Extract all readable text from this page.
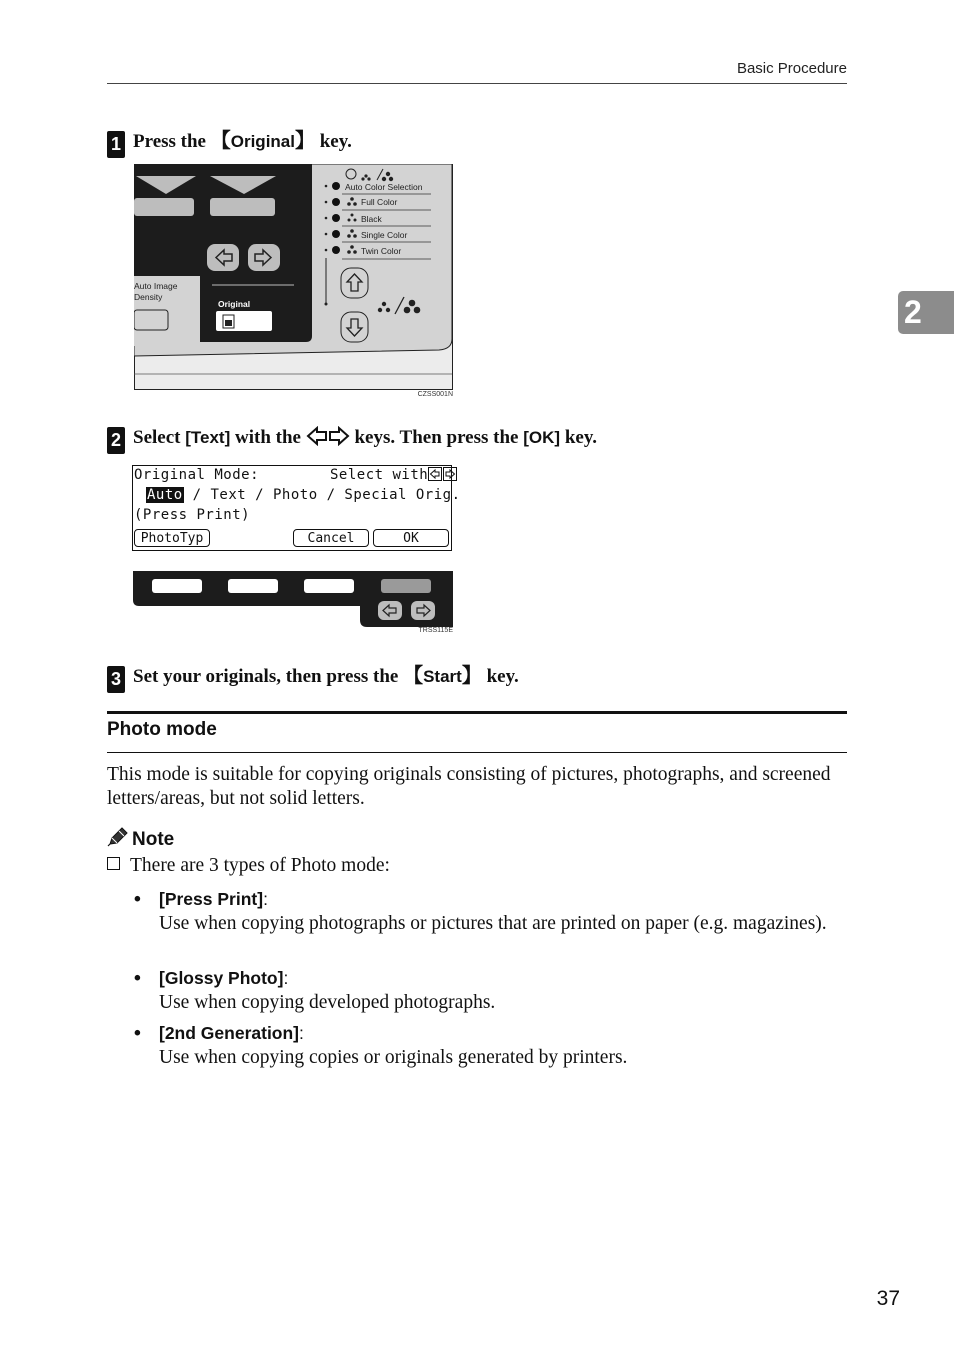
Basic Procedure
2
1 Press the 【Original】 key.
Auto Image
Density
Original
Auto Color Selection
Full Color
Black
Single Color
Twin Color
CZSS001N
2 Select [Text] with the  keys. Then press the [OK] key.
Original Mode:	Select with
Auto / Text / Photo / Special Orig.
(Press Print)
PhotoTyp	Cancel	OK
TRSS115E
3 Set your originals, then press the 【Start】 key.
Photo mode
This mode is suitable for copying originals consisting of pictures, photographs, and screened letters/areas, but not solid letters.
Note
There are 3 types of Photo mode:
• [Press Print]:
Use when copying photographs or pictures that are printed on paper (e.g. magazines).
• [Glossy Photo]:
Use when copying developed photographs.
• [2nd Generation]:
Use when copying copies or originals generated by printers.
37
